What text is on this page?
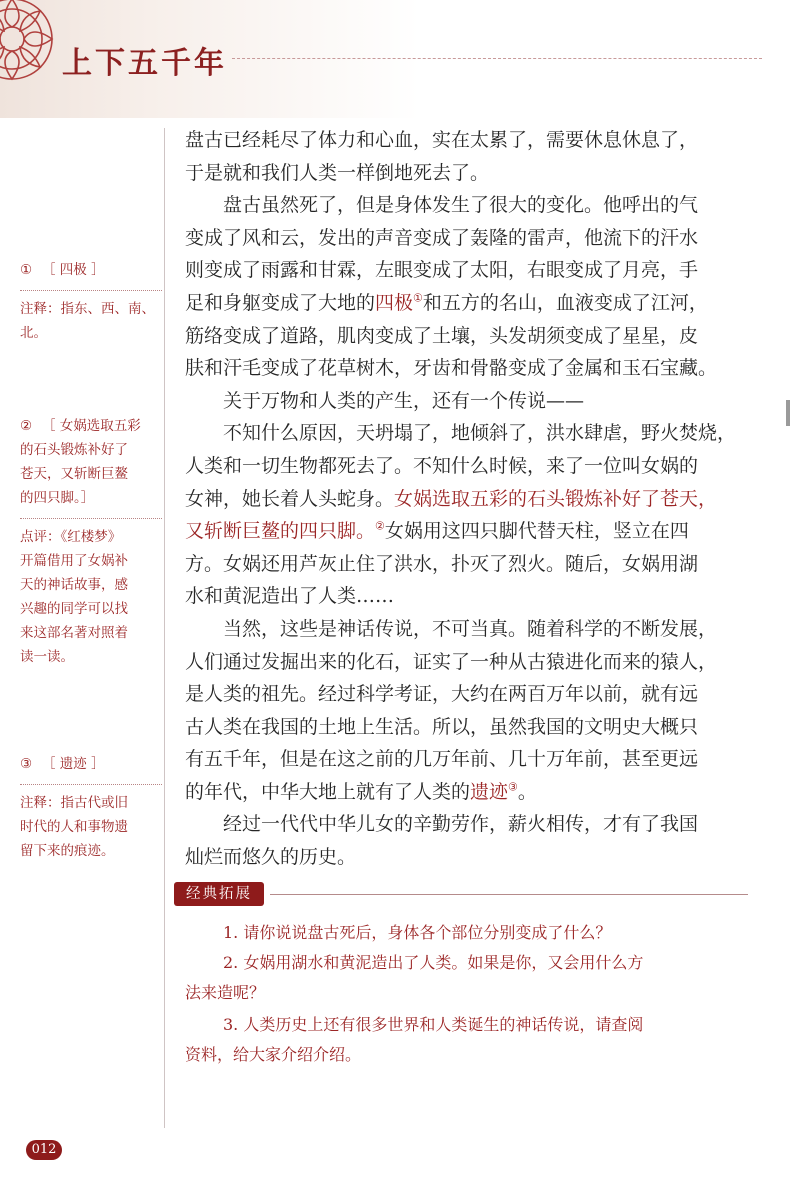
上下五千年
① ［ 四极 ］
注释：指东、西、南、
北。
② ［ 女娲选取五彩
的石头锻炼补好了
苍天，又斩断巨鳌
的四只脚。］
点评：《红楼梦》
开篇借用了女娲补
天的神话故事，感
兴趣的同学可以找
来这部名著对照着
读一读。
③ ［ 遗迹 ］
注释：指古代或旧
时代的人和事物遗
留下来的痕迹。

盘古已经耗尽了体力和心血，实在太累了，需要休息休息了，
于是就和我们人类一样倒地死去了。

盘古虽然死了，但是身体发生了很大的变化。他呼出的气
变成了风和云，发出的声音变成了轰隆的雷声，他流下的汗水
则变成了雨露和甘霖，左眼变成了太阳，右眼变成了月亮，手
足和身躯变成了大地的四极①和五方的名山，血液变成了江河，
筋络变成了道路，肌肉变成了土壤，头发胡须变成了星星，皮
肤和汗毛变成了花草树木，牙齿和骨骼变成了金属和玉石宝藏。

关于万物和人类的产生，还有一个传说——

不知什么原因，天坍塌了，地倾斜了，洪水肆虐，野火焚烧，
人类和一切生物都死去了。不知什么时候，来了一位叫女娲的
女神，她长着人头蛇身。女娲选取五彩的石头锻炼补好了苍天，
又斩断巨鳌的四只脚。②女娲用这四只脚代替天柱，竖立在四
方。女娲还用芦灰止住了洪水，扑灭了烈火。随后，女娲用湖
水和黄泥造出了人类……

当然，这些是神话传说，不可当真。随着科学的不断发展，
人们通过发掘出来的化石，证实了一种从古猿进化而来的猿人，
是人类的祖先。经过科学考证，大约在两百万年以前，就有远
古人类在我国的土地上生活。所以，虽然我国的文明史大概只
有五千年，但是在这之前的几万年前、几十万年前，甚至更远
的年代，中华大地上就有了人类的遗迹③。

经过一代代中华儿女的辛勤劳作，薪火相传，才有了我国
灿烂而悠久的历史。

经典拓展
1. 请你说说盘古死后，身体各个部位分别变成了什么？
2. 女娲用湖水和黄泥造出了人类。如果是你，又会用什么方
法来造呢？
3. 人类历史上还有很多世界和人类诞生的神话传说，请查阅
资料，给大家介绍介绍。
012
